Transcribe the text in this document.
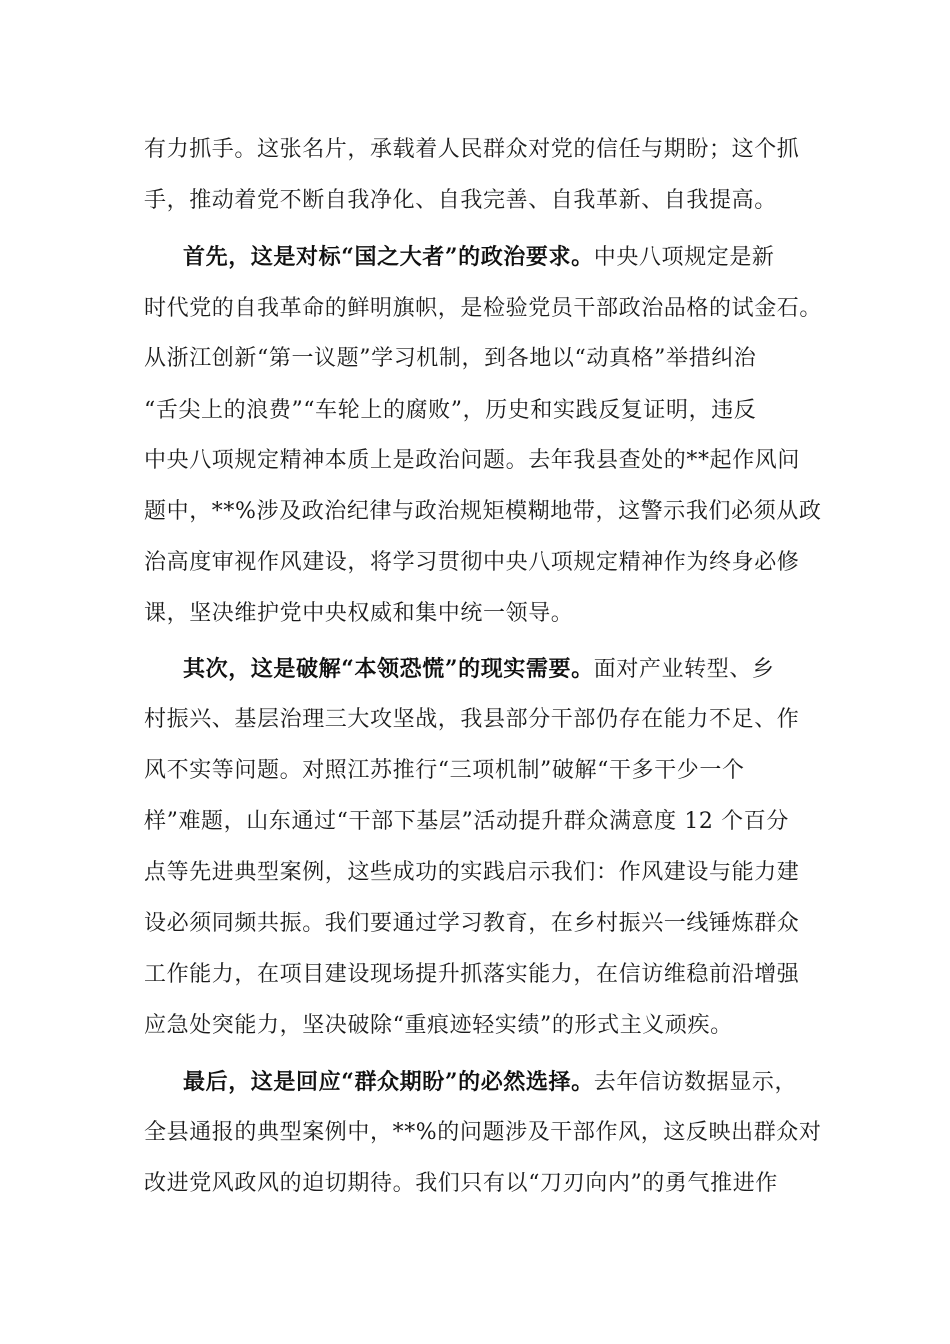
有力抓手。这张名片，承载着人民群众对党的信任与期盼；这个抓
手，推动着党不断自我净化、自我完善、自我革新、自我提高。
首先，这是对标“国之大者”的政治要求。中央八项规定是新
时代党的自我革命的鲜明旗帜，是检验党员干部政治品格的试金石。
从浙江创新“第一议题”学习机制，到各地以“动真格”举措纠治
“舌尖上的浪费”“车轮上的腐败”，历史和实践反复证明，违反
中央八项规定精神本质上是政治问题。去年我县查处的**起作风问
题中，**%涉及政治纪律与政治规矩模糊地带，这警示我们必须从政
治高度审视作风建设，将学习贯彻中央八项规定精神作为终身必修
课，坚决维护党中央权威和集中统一领导。
其次，这是破解“本领恐慌”的现实需要。面对产业转型、乡
村振兴、基层治理三大攻坚战，我县部分干部仍存在能力不足、作
风不实等问题。对照江苏推行“三项机制”破解“干多干少一个
样”难题，山东通过“干部下基层”活动提升群众满意度 12 个百分
点等先进典型案例，这些成功的实践启示我们：作风建设与能力建
设必须同频共振。我们要通过学习教育，在乡村振兴一线锤炼群众
工作能力，在项目建设现场提升抓落实能力，在信访维稳前沿增强
应急处突能力，坚决破除“重痕迹轻实绩”的形式主义顽疾。
最后，这是回应“群众期盼”的必然选择。去年信访数据显示，
全县通报的典型案例中，**%的问题涉及干部作风，这反映出群众对
改进党风政风的迫切期待。我们只有以“刀刃向内”的勇气推进作
